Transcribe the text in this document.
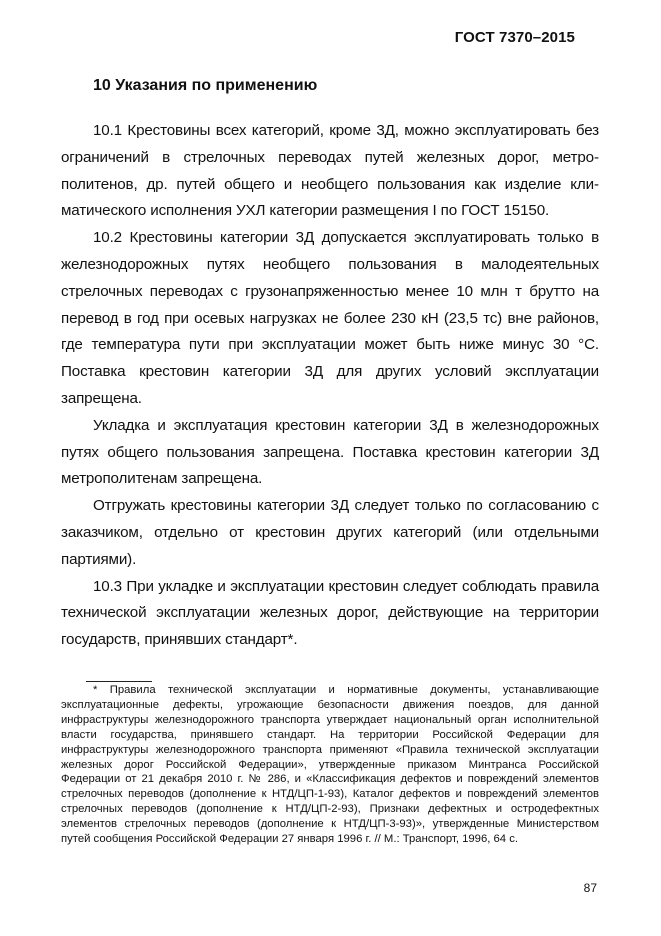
ГОСТ 7370–2015
10 Указания по применению

10.1 Крестовины всех категорий, кроме 3Д, можно эксплуатировать без ограничений в стрелочных переводах путей железных дорог, метрополитенов, др. путей общего и необщего пользования как изделие климатического исполнения УХЛ категории размещения I по ГОСТ 15150.

10.2 Крестовины категории 3Д допускается эксплуатировать только в железнодорожных путях необщего пользования в малодеятельных стрелочных переводах с грузонапряженностью менее 10 млн т брутто на перевод в год при осевых нагрузках не более 230 кН (23,5 тс) вне районов, где температура пути при эксплуатации может быть ниже минус 30 °С. Поставка крестовин категории 3Д для других условий эксплуатации запрещена.

Укладка и эксплуатация крестовин категории 3Д в железнодорожных путях общего пользования запрещена. Поставка крестовин категории 3Д метрополитенам запрещена.

Отгружать крестовины категории 3Д следует только по согласованию с заказчиком, отдельно от крестовин других категорий (или отдельными партиями).

10.3 При укладке и эксплуатации крестовин следует соблюдать правила технической эксплуатации железных дорог, действующие на территории государств, принявших стандарт*.

* Правила технической эксплуатации и нормативные документы, устанавливающие эксплуатационные дефекты, угрожающие безопасности движения поездов, для данной инфраструктуры железнодорожного транспорта утверждает национальный орган исполнительной власти государства, принявшего стандарт. На территории Российской Федерации для инфраструктуры железнодорожного транспорта применяют «Правила технической эксплуатации железных дорог Российской Федерации», утвержденные приказом Минтранса Российской Федерации от 21 декабря 2010 г. № 286, и «Классификация дефектов и повреждений элементов стрелочных переводов (дополнение к НТД/ЦП-1-93), Каталог дефектов и повреждений элементов стрелочных переводов (дополнение к НТД/ЦП-2-93), Признаки дефектных и остродефектных элементов стрелочных переводов (дополнение к НТД/ЦП-3-93)», утвержденные Министерством путей сообщения Российской Федерации 27 января 1996 г. // М.: Транспорт, 1996, 64 с.

87
